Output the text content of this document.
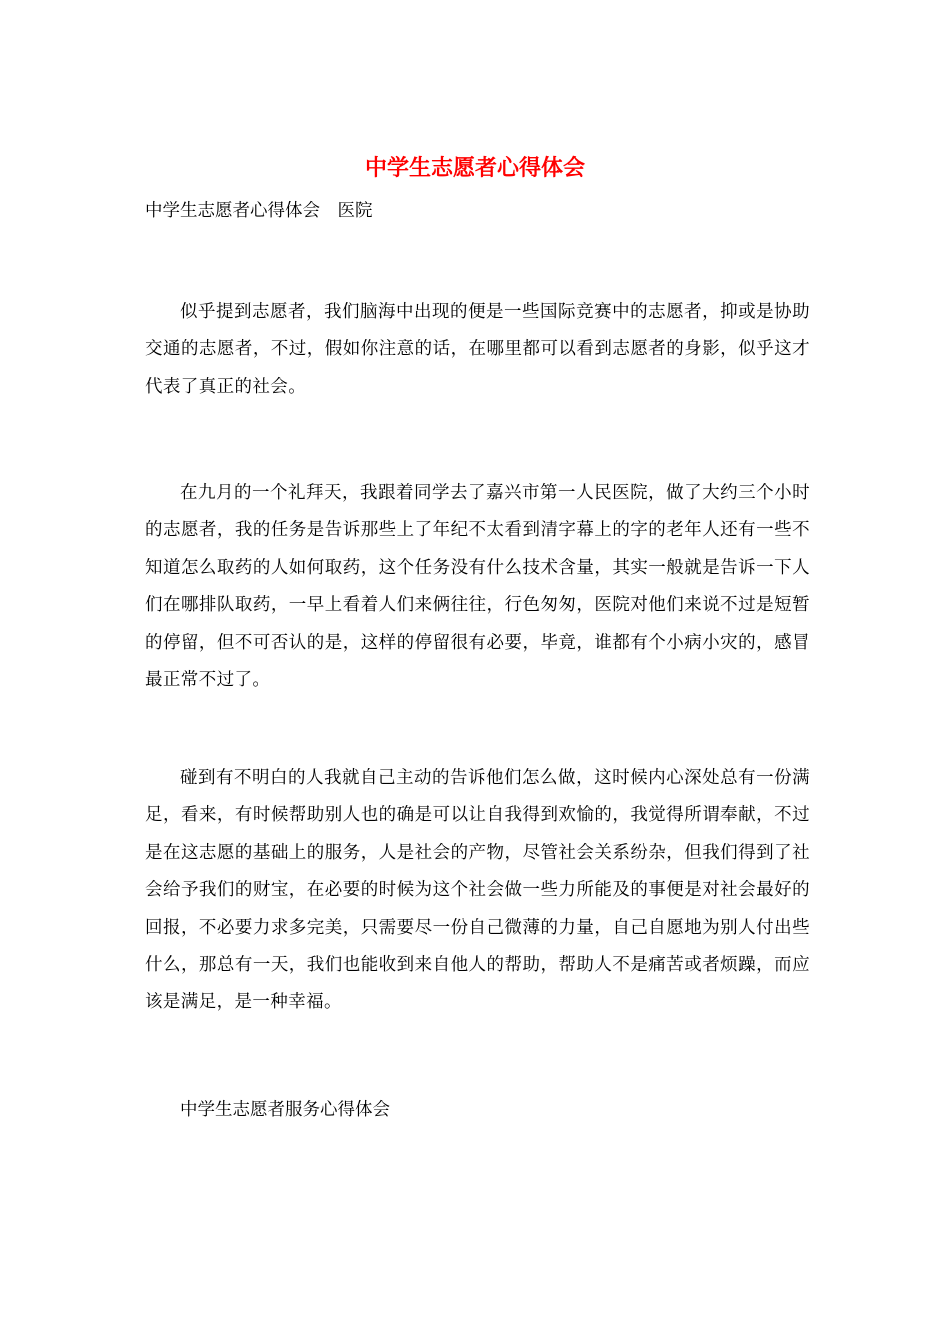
中学生志愿者心得体会
中学生志愿者心得体会　医院

似乎提到志愿者，我们脑海中出现的便是一些国际竞赛中的志愿者，抑或是协助交通的志愿者，不过，假如你注意的话，在哪里都可以看到志愿者的身影，似乎这才代表了真正的社会。

在九月的一个礼拜天，我跟着同学去了嘉兴市第一人民医院，做了大约三个小时的志愿者，我的任务是告诉那些上了年纪不太看到清字幕上的字的老年人还有一些不知道怎么取药的人如何取药，这个任务没有什么技术含量，其实一般就是告诉一下人们在哪排队取药，一早上看着人们来俩往往，行色匆匆，医院对他们来说不过是短暂的停留，但不可否认的是，这样的停留很有必要，毕竟，谁都有个小病小灾的，感冒最正常不过了。

碰到有不明白的人我就自己主动的告诉他们怎么做，这时候内心深处总有一份满足，看来，有时候帮助别人也的确是可以让自我得到欢愉的，我觉得所谓奉献，不过是在这志愿的基础上的服务，人是社会的产物，尽管社会关系纷杂，但我们得到了社会给予我们的财宝，在必要的时候为这个社会做一些力所能及的事便是对社会最好的回报，不必要力求多完美，只需要尽一份自己微薄的力量，自己自愿地为别人付出些什么，那总有一天，我们也能收到来自他人的帮助，帮助人不是痛苦或者烦躁，而应该是满足，是一种幸福。

中学生志愿者服务心得体会
